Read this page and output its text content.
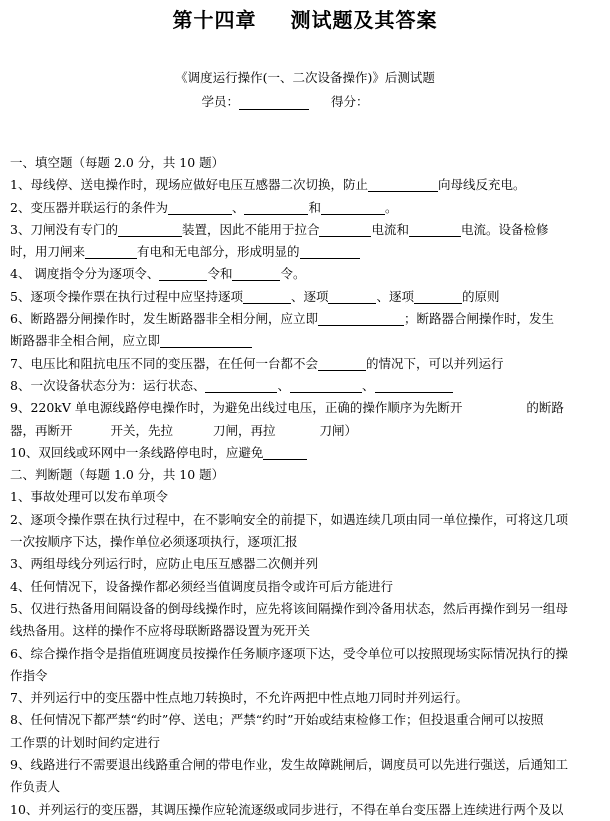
第十四章 测试题及其答案
《调度运行操作(一、二次设备操作)》后测试题
学员：	得分：
一、填空题（每题 2.0 分，共 10 题）
1、母线停、送电操作时，现场应做好电压互感器二次切换，防止	向母线反充电。
2、变压器并联运行的条件为	、	和	。
3、刀闸没有专门的	装置，因此不能用于拉合	电流和	电流。设备检修
时，用刀闸来	有电和无电部分，形成明显的
4、 调度指令分为逐项令、	令和	令。
5、逐项令操作票在执行过程中应坚持逐项	、逐项	、逐项	的原则
6、断路器分闸操作时，发生断路器非全相分闸，应立即	；断路器合闸操作时，发生
断路器非全相合闸，应立即
7、电压比和阻抗电压不同的变压器，在任何一台都不会	的情况下，可以并列运行
8、一次设备状态分为：运行状态、	、	、
9、220kV 单电源线路停电操作时，为避免出线过电压，正确的操作顺序为先断开	的断路
器，再断开	开关，先拉	刀闸，再拉	刀闸）
10、双回线或环网中一条线路停电时，应避免
二、判断题（每题 1.0 分，共 10 题）
1、事故处理可以发布单项令
2、逐项令操作票在执行过程中，在不影响安全的前提下，如遇连续几项由同一单位操作，可将这几项
一次按顺序下达，操作单位必须逐项执行，逐项汇报
3、两组母线分列运行时，应防止电压互感器二次侧并列
4、任何情况下，设备操作都必须经当值调度员指令或许可后方能进行
5、仅进行热备用间隔设备的倒母线操作时，应先将该间隔操作到冷备用状态，然后再操作到另一组母
线热备用。这样的操作不应将母联断路器设置为死开关
6、综合操作指令是指值班调度员按操作任务顺序逐项下达，受令单位可以按照现场实际情况执行的操
作指令
7、并列运行中的变压器中性点地刀转换时，不允许两把中性点地刀同时并列运行。
8、任何情况下都严禁“约时”停、送电；严禁“约时”开始或结束检修工作；但投退重合闸可以按照
工作票的计划时间约定进行
9、线路进行不需要退出线路重合闸的带电作业，发生故障跳闸后，调度员可以先进行强送，后通知工
作负责人
10、并列运行的变压器，其调压操作应轮流逐级或同步进行，不得在单台变压器上连续进行两个及以
